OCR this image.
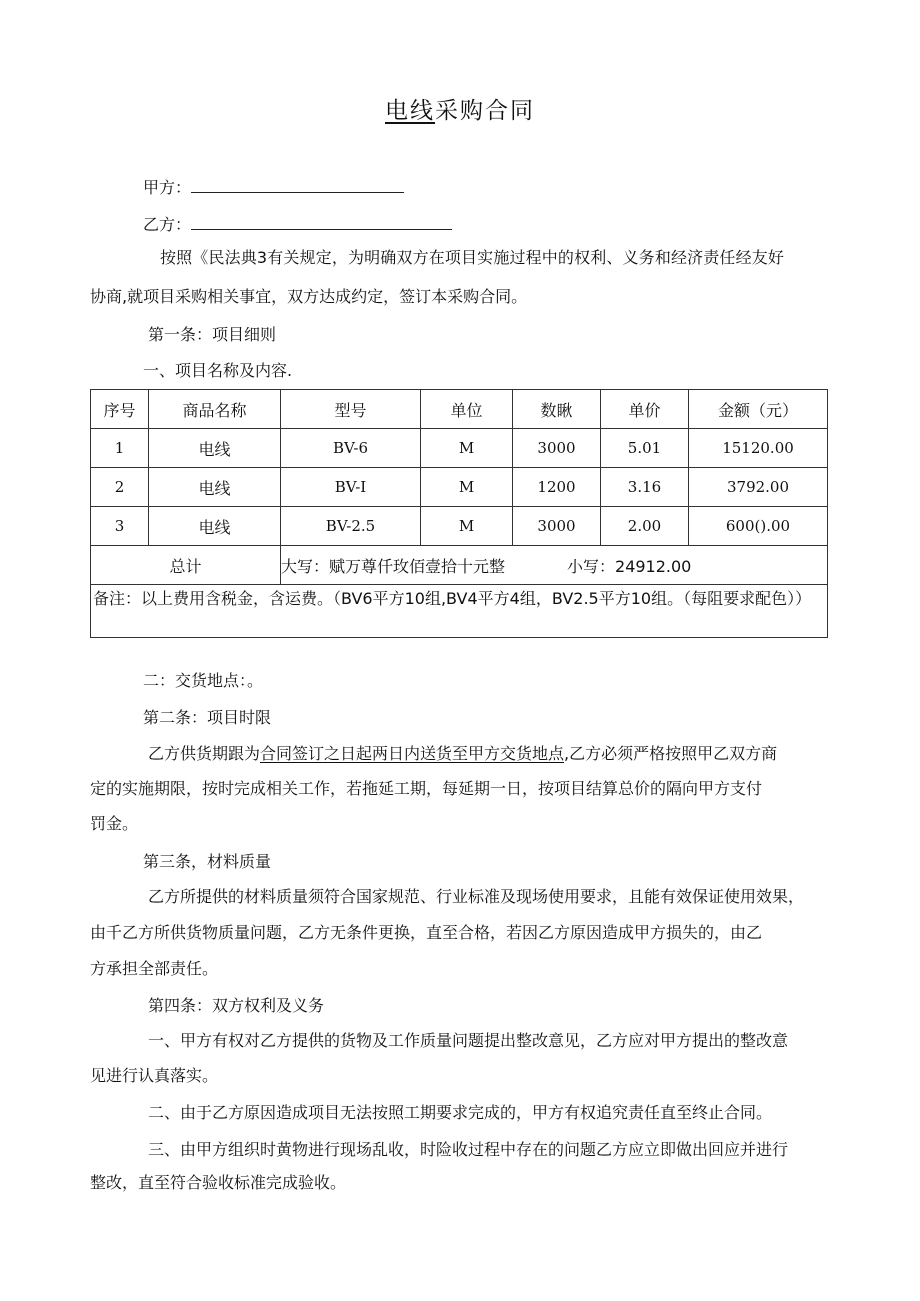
电线采购合同
甲方：
乙方：
按照《民法典3有关规定，为明确双方在项目实施过程中的权利、义务和经济责任经友好
协商,就项目采购相关事宜，双方达成约定，签订本采购合同。
第一条：项目细则
一、项目名称及内容.
序号	商品名称	型号	单位	数瞅	单价	金额（元）
1	电线	BV-6	M	3000	5.01	15120.00
2	电线	BV-I	M	1200	3.16	3792.00
3	电线	BV-2.5	M	3000	2.00	600().00
总计		大写：赋万尊仟玫佰壹拾十元整 小写：24912.00				
备注：以上费用含税金，含运费。（BV6平方10组,BV4平方4组，BV2.5平方10组。（每阻要求配色））						
二：交货地点：。
第二条：项目时限
乙方供货期跟为合同签订之日起两日内送货至甲方交货地点,乙方必须严格按照甲乙双方商
定的实施期限，按时完成相关工作，若拖延工期，每延期一日，按项目结算总价的隔向甲方支付
罚金。
第三条，材料质量
乙方所提供的材料质量须符合国家规范、行业标准及现场使用要求，且能有效保证使用效果，
由千乙方所供货物质量问题，乙方无条件更换，直至合格，若因乙方原因造成甲方损失的，由乙
方承担全部责任。
第四条：双方权利及义务
一、甲方有权对乙方提供的货物及工作质量问题提出整改意见，乙方应对甲方提出的整改意
见进行认真落实。
二、由于乙方原因造成项目无法按照工期要求完成的，甲方有权追究责任直至终止合同。
三、由甲方组织时黄物进行现场乱收，时险收过程中存在的问题乙方应立即做出回应并进行
整改，直至符合验收标准完成验收。
